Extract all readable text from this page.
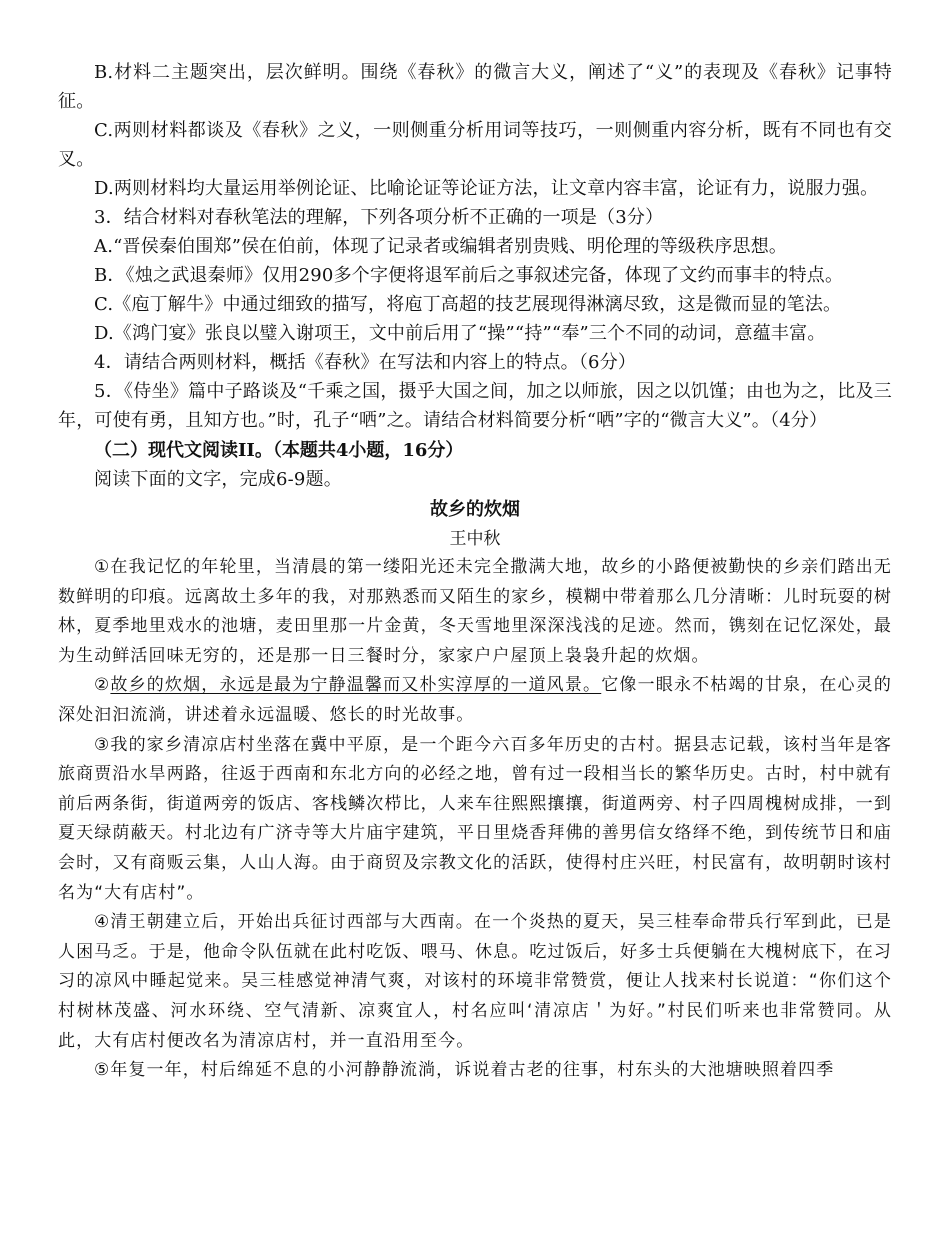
B.材料二主题突出，层次鲜明。围绕《春秋》的微言大义，阐述了“义”的表现及《春秋》记事特征。

C.两则材料都谈及《春秋》之义，一则侧重分析用词等技巧，一则侧重内容分析，既有不同也有交叉。

D.两则材料均大量运用举例论证、比喻论证等论证方法，让文章内容丰富，论证有力，说服力强。

3．结合材料对春秋笔法的理解，下列各项分析不正确的一项是（3分）

A.“晋侯秦伯围郑”侯在伯前，体现了记录者或编辑者别贵贱、明伦理的等级秩序思想。

B．《烛之武退秦师》仅用290多个字便将退军前后之事叙述完备，体现了文约而事丰的特点。

C.《庖丁解牛》中通过细致的描写，将庖丁高超的技艺展现得淋漓尽致，这是微而显的笔法。

D.《鸿门宴》张良以璧入谢项王，文中前后用了“操”“持”“奉”三个不同的动词，意蕴丰富。

4．请结合两则材料，概括《春秋》在写法和内容上的特点。（6分）

5．《侍坐》篇中子路谈及“千乘之国，摄乎大国之间，加之以师旅，因之以饥馑；由也为之，比及三年，可使有勇，且知方也。”时，孔子“哂”之。请结合材料简要分析“哂”字的“微言大义”。（4分）

（二）现代文阅读II。（本题共4小题，16分）

阅读下面的文字，完成6-9题。

故乡的炊烟

王中秋

①在我记忆的年轮里，当清晨的第一缕阳光还未完全撒满大地，故乡的小路便被勤快的乡亲们踏出无数鲜明的印痕。远离故土多年的我，对那熟悉而又陌生的家乡，模糊中带着那么几分清晰：儿时玩耍的树林，夏季地里戏水的池塘，麦田里那一片金黄，冬天雪地里深深浅浅的足迹。然而，镌刻在记忆深处，最为生动鲜活回味无穷的，还是那一日三餐时分，家家户户屋顶上袅袅升起的炊烟。

②故乡的炊烟，永远是最为宁静温馨而又朴实淳厚的一道风景。它像一眼永不枯竭的甘泉，在心灵的深处汩汩流淌，讲述着永远温暖、悠长的时光故事。

③我的家乡清凉店村坐落在冀中平原，是一个距今六百多年历史的古村。据县志记载，该村当年是客旅商贾沿水旱两路，往返于西南和东北方向的必经之地，曾有过一段相当长的繁华历史。古时，村中就有前后两条街，街道两旁的饭店、客栈鳞次栉比，人来车往熙熙攘攘，街道两旁、村子四周槐树成排，一到夏天绿荫蔽天。村北边有广济寺等大片庙宇建筑，平日里烧香拜佛的善男信女络绎不绝，到传统节日和庙会时，又有商贩云集，人山人海。由于商贸及宗教文化的活跃，使得村庄兴旺，村民富有，故明朝时该村名为“大有店村”。

④清王朝建立后，开始出兵征讨西部与大西南。在一个炎热的夏天，吴三桂奉命带兵行军到此，已是人困马乏。于是，他命令队伍就在此村吃饭、喂马、休息。吃过饭后，好多士兵便躺在大槐树底下，在习习的凉风中睡起觉来。吴三桂感觉神清气爽，对该村的环境非常赞赏，便让人找来村长说道：“你们这个村树林茂盛、河水环绕、空气清新、凉爽宜人，村名应叫‘清凉店＇为好。”村民们听来也非常赞同。从此，大有店村便改名为清凉店村，并一直沿用至今。

⑤年复一年，村后绵延不息的小河静静流淌，诉说着古老的往事，村东头的大池塘映照着四季
